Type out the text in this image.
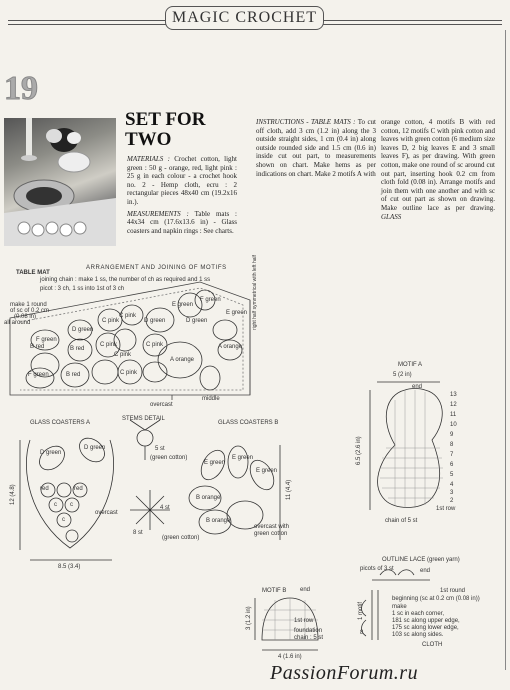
MAGIC CROCHET
19
SET FOR
TWO

MATERIALS : Crochet cotton, light green : 50 g - orange, red, light pink : 25 g in each colour - a crochet hook no. 2 - Hemp cloth, ecru : 2 rectangular pieces 48x40 cm (19.2x16 in.).

MEASUREMENTS : Table mats : 44x34 cm (17.6x13.6 in) - Glass coasters and napkin rings : See charts.

INSTRUCTIONS - TABLE MATS : To cut off cloth, add 3 cm (1.2 in) along the 3 outside straight sides, 1 cm (0.4 in) along outside rounded side and 1.5 cm (0.6 in) inside cut out part, to measurements shown on chart. Make hems as per indications on chart. Make 2 motifs A with

orange cotton, 4 motifs B with red cotton, 12 motifs C with pink cotton and leaves with green cotton (6 medium size leaves D, 2 big leaves E and 3 small leaves F), as per drawing. With green cotton, make one round of sc around cut out part, inserting hook 0.2 cm from cloth fold (0.08 in). Arrange motifs and join them with one another and with sc of cut out part as shown on drawing. Make outline lace as per drawing. GLASS

TABLE MAT
ARRANGEMENT AND JOINING OF MOTIFS
joining chain : make 1 ss, the number of ch as required and 1 ss
picot : 3 ch, 1 ss into 1st of 3 ch
make 1 round
of sc of 0.2 cm
(0.08 in)
all around
F green
D green
C pink
E green
F green
E green
D green
C pink
C pink
D green
C pink
B red	A orange
B red
C pink
A orange
F green	B red	C pink
right half symmetrical with left half
middle
overcast
MOTIF A
5 (2 in)
end
6.5 (2.6 in)
13
12
11
10
9
8
7
6
5
4
3
2
1st row
chain of 5 st
GLASS COASTERS A
12 (4.8)
D green
D green
red	red
c c
c
overcast
8.5 (3.4)
STEMS DETAIL
5 st
(green cotton)
4 st
8 st
(green cotton)
GLASS COASTERS B
11 (4.4)
E green
E green
E green
B orange
B orange
overcast with green cotton
MOTIF B end
3 (1.2 in)	1st row
foundation chain : 5 st
4 (1.6 in)
OUTLINE LACE (green yarn)
picots of 3 st	end
1st round
beginning (sc at 0.2 cm (0.08 in))
make
1 sc in each corner,
181 sc along upper edge,
175 sc along lower edge,
103 sc along sides.
CLOTH
1 motif
8
PassionForum.ru
